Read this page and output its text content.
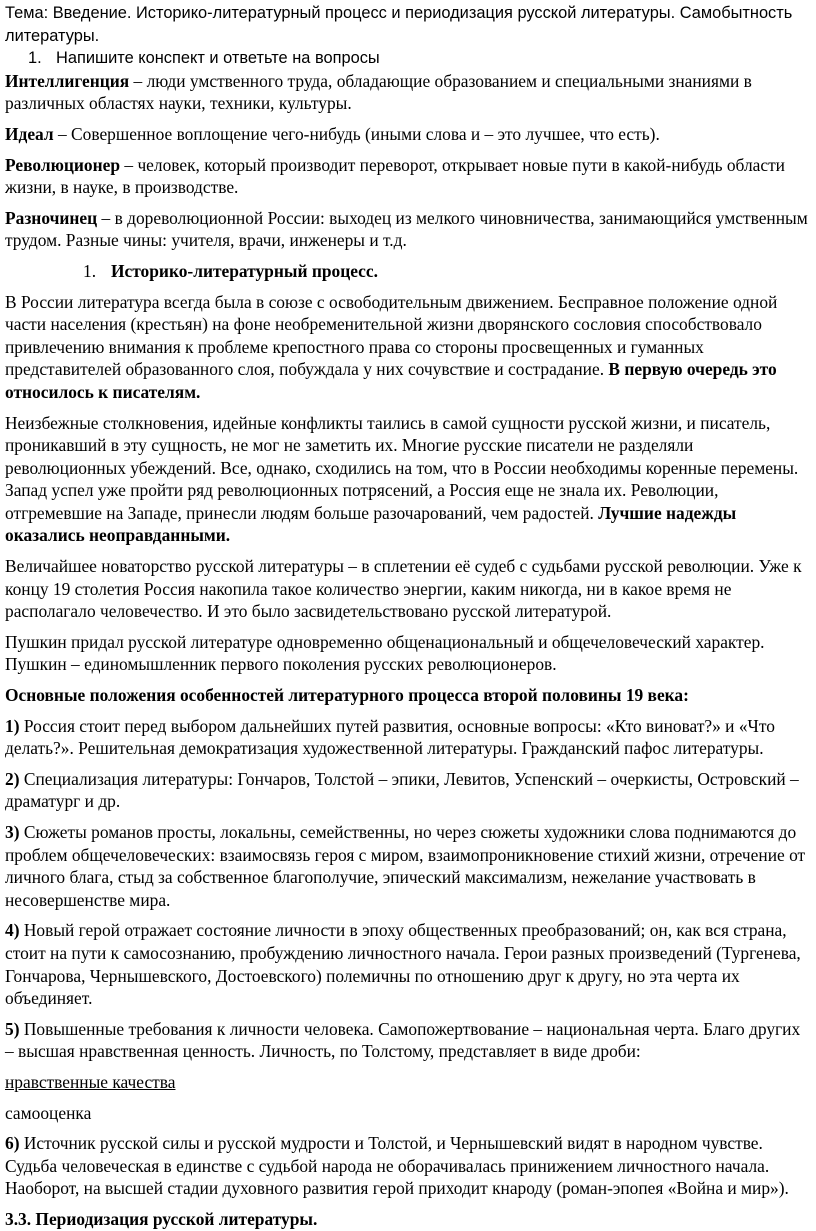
Тема: Введение. Историко-литературный процесс и периодизация русской литературы. Самобытность литературы.

1. Напишите конспект и ответьте на вопросы

Интеллигенция – люди умственного труда, обладающие образованием и специальными знаниями в различных областях науки, техники, культуры.

Идеал – Совершенное воплощение чего-нибудь (иными слова и – это лучшее, что есть).

Революционер – человек, который производит переворот, открывает новые пути в какой-нибудь области жизни, в науке, в производстве.

Разночинец – в дореволюционной России: выходец из мелкого чиновничества, занимающийся умственным трудом. Разные чины: учителя, врачи, инженеры и т.д.

1. Историко-литературный процесс.

В России литература всегда была в союзе с освободительным движением. Бесправное положение одной части населения (крестьян) на фоне необременительной жизни дворянского сословия способствовало привлечению внимания к проблеме крепостного права со стороны просвещенных и гуманных представителей образованного слоя, побуждала у них сочувствие и сострадание. В первую очередь это относилось к писателям.

Неизбежные столкновения, идейные конфликты таились в самой сущности русской жизни, и писатель, проникавший в эту сущность, не мог не заметить их. Многие русские писатели не разделяли революционных убеждений. Все, однако, сходились на том, что в России необходимы коренные перемены. Запад успел уже пройти ряд революционных потрясений, а Россия еще не знала их. Революции, отгремевшие на Западе, принесли людям больше разочарований, чем радостей. Лучшие надежды оказались неоправданными.

Величайшее новаторство русской литературы – в сплетении её судеб с судьбами русской революции. Уже к концу 19 столетия Россия накопила такое количество энергии, каким никогда, ни в какое время не располагало человечество. И это было засвидетельствовано русской литературой.

Пушкин придал русской литературе одновременно общенациональный и общечеловеческий характер. Пушкин – единомышленник первого поколения русских революционеров.

Основные положения особенностей литературного процесса второй половины 19 века:

1) Россия стоит перед выбором дальнейших путей развития, основные вопросы: «Кто виноват?» и «Что делать?». Решительная демократизация художественной литературы. Гражданский пафос литературы.

2) Специализация литературы: Гончаров, Толстой – эпики, Левитов, Успенский – очеркисты, Островский – драматург и др.

3) Сюжеты романов просты, локальны, семейственны, но через сюжеты художники слова поднимаются до проблем общечеловеческих: взаимосвязь героя с миром, взаимопроникновение стихий жизни, отречение от личного блага, стыд за собственное благополучие, эпический максимализм, нежелание участвовать в несовершенстве мира.

4) Новый герой отражает состояние личности в эпоху общественных преобразований; он, как вся страна, стоит на пути к самосознанию, пробуждению личностного начала. Герои разных произведений (Тургенева, Гончарова, Чернышевского, Достоевского) полемичны по отношению друг к другу, но эта черта их объединяет.

5) Повышенные требования к личности человека. Самопожертвование – национальная черта. Благо других – высшая нравственная ценность. Личность, по Толстому, представляет в виде дроби:

нравственные качества

самооценка

6) Источник русской силы и русской мудрости и Толстой, и Чернышевский видят в народном чувстве. Судьба человеческая в единстве с судьбой народа не оборачивалась принижением личностного начала. Наоборот, на высшей стадии духовного развития герой приходит кнароду (роман-эпопея «Война и мир»).

3.3. Периодизация русской литературы.
